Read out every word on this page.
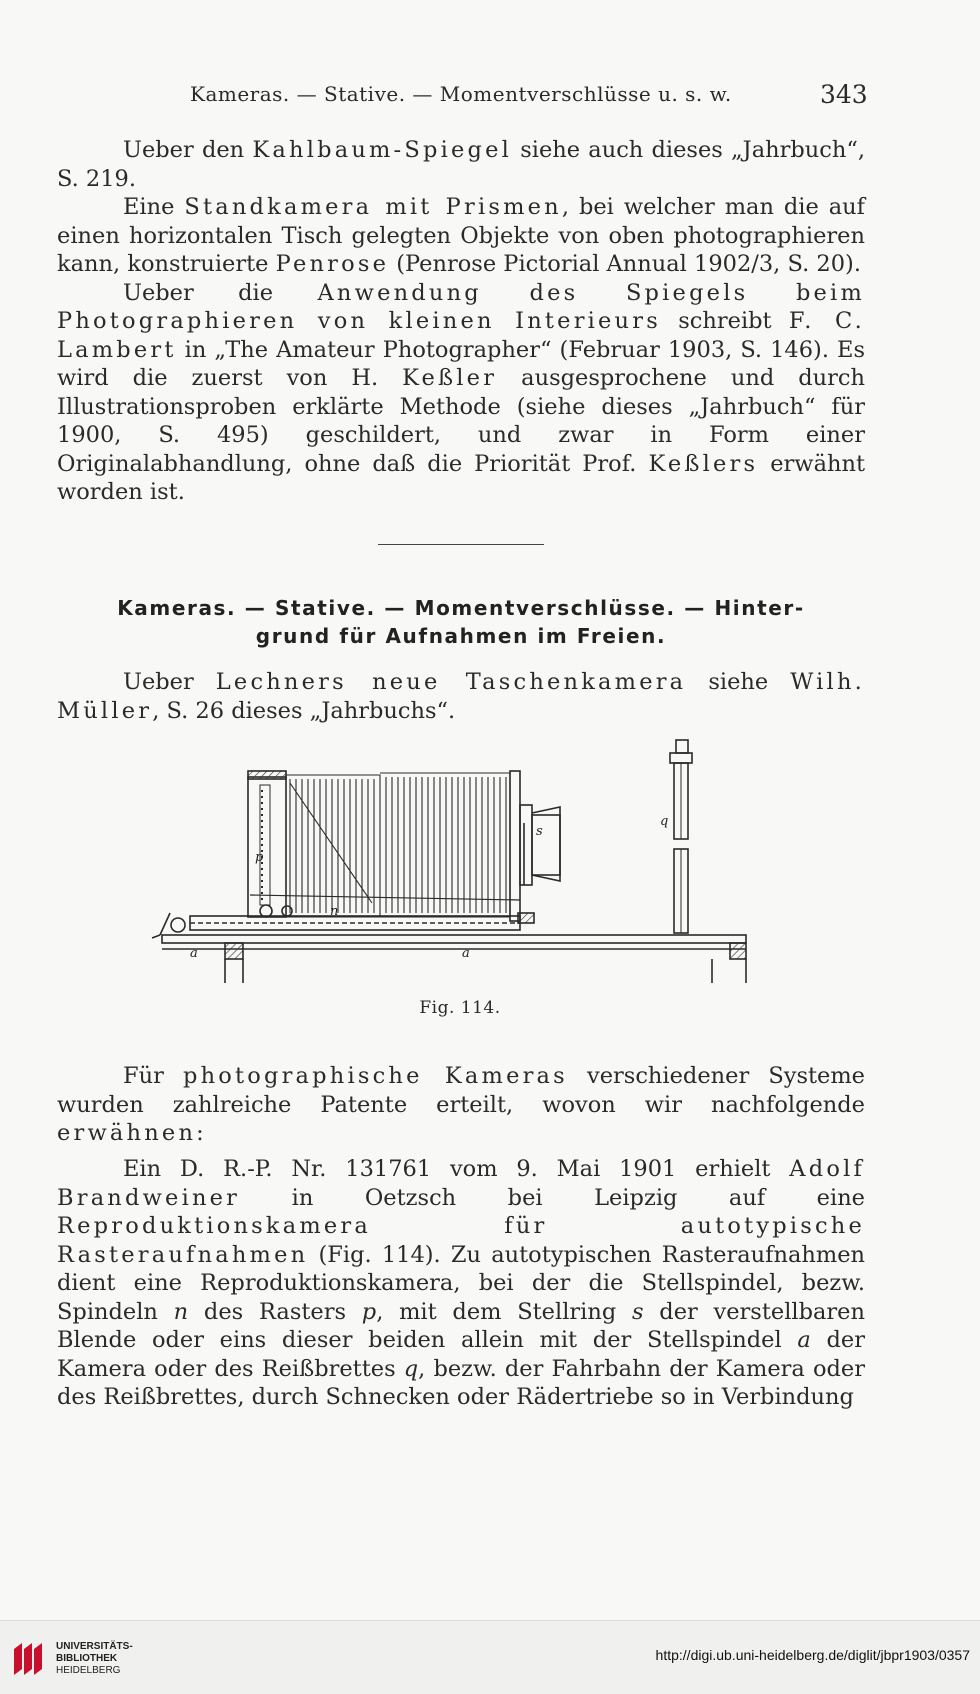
Kameras. — Stative. — Momentverschlüsse u. s. w.	343

Ueber den Kahlbaum-Spiegel siehe auch dieses „Jahrbuch“, S. 219.

Eine Standkamera mit Prismen, bei welcher man die auf einen horizontalen Tisch gelegten Objekte von oben photographieren kann, konstruierte Penrose (Penrose Pictorial Annual 1902/3, S. 20).

Ueber die Anwendung des Spiegels beim Photographieren von kleinen Interieurs schreibt F. C. Lambert in „The Amateur Photographer“ (Februar 1903, S. 146). Es wird die zuerst von H. Keßler ausgesprochene und durch Illustrationsproben erklärte Methode (siehe dieses „Jahrbuch“ für 1900, S. 495) geschildert, und zwar in Form einer Originalabhandlung, ohne daß die Priorität Prof. Keßlers erwähnt worden ist.

Kameras. — Stative. — Momentverschlüsse. — Hinter-
grund für Aufnahmen im Freien.

Ueber Lechners neue Taschenkamera siehe Wilh. Müller, S. 26 dieses „Jahrbuchs“.

p
n
s
q
a	a
Fig. 114.

Für photographische Kameras verschiedener Systeme wurden zahlreiche Patente erteilt, wovon wir nachfolgende erwähnen:

Ein D. R.-P. Nr. 131761 vom 9. Mai 1901 erhielt Adolf Brandweiner in Oetzsch bei Leipzig auf eine Reproduktionskamera für autotypische Rasteraufnahmen (Fig. 114). Zu autotypischen Rasteraufnahmen dient eine Reproduktionskamera, bei der die Stellspindel, bezw. Spindeln n des Rasters p, mit dem Stellring s der verstellbaren Blende oder eins dieser beiden allein mit der Stellspindel a der Kamera oder des Reißbrettes q, bezw. der Fahrbahn der Kamera oder des Reißbrettes, durch Schnecken oder Rädertriebe so in Verbindung

UNIVERSITÄTS-
BIBLIOTHEK
HEIDELBERG
http://digi.ub.uni-heidelberg.de/diglit/jbpr1903/0357
